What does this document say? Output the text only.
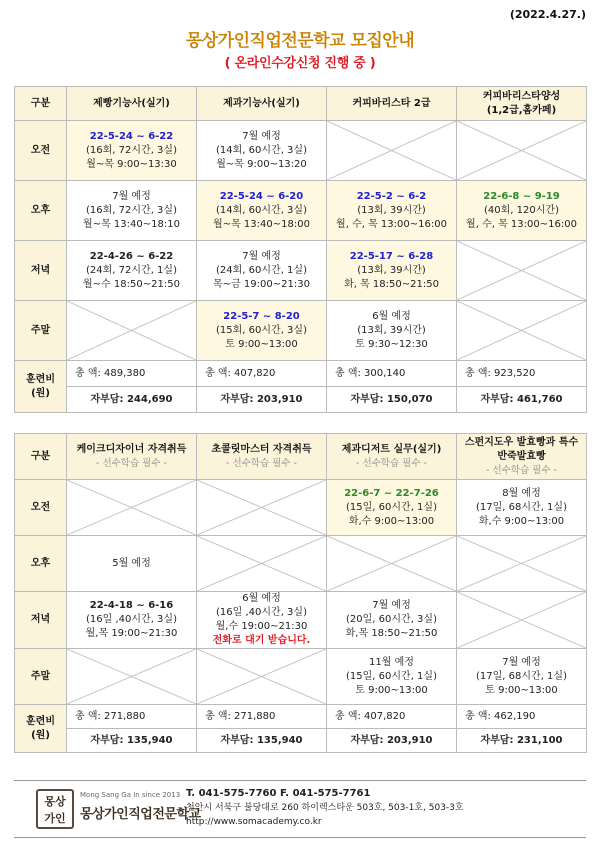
(2022.4.27.)
몽상가인직업전문학교 모집안내
( 온라인수강신청 진행 중 )
구분	제빵기능사(실기)	제과기능사(실기)	커피바리스타 2급	커피바리스타양성
(1,2급,홈카페)
오전	22-5-24 ~ 6-22
(16회, 72시간, 3실)
월~목 9:00~13:30	7월 예정
(14회, 60시간, 3실)
월~목 9:00~13:20	

오후	7월 예정
(16회, 72시간, 3실)
월~목 13:40~18:10	22-5-24 ~ 6-20
(14회, 60시간, 3실)
월~목 13:40~18:00	22-5-2 ~ 6-2
(13회, 39시간)
월, 수, 목 13:00~16:00	22-6-8 ~ 9-19
(40회, 120시간)
월, 수, 목 13:00~16:00
저녁	22-4-26 ~ 6-22
(24회, 72시간, 1실)
월~수 18:50~21:50	7월 예정
(24회, 60시간, 1실)
목~금 19:00~21:30	22-5-17 ~ 6-28
(13회, 39시간)
화, 목 18:50~21:50	

주말		22-5-7 ~ 8-20
(15회, 60시간, 3실)
토 9:00~13:00	6월 예정
(13회, 39시간)
토 9:30~12:30	

훈련비
(원)	총 액: 489,380	총 액: 407,820	총 액: 300,140	총 액: 923,520
	자부담: 244,690	자부담: 203,910	자부담: 150,070	자부담: 461,760
구분	케이크디자이너 자격취득
- 선수학습 필수 -	초콜릿마스터 자격취득
- 선수학습 필수 -	제과디저트 실무(실기)
- 선수학습 필수 -	스펀지도우 발효빵과 특수
반죽발효빵
- 선수학습 필수 -
오전			22-6-7 ~ 22-7-26
(15일, 60시간, 1실)
화,수 9:00~13:00	8월 예정
(17일, 68시간, 1실)
화,수 9:00~13:00
오후	5월 예정	

저녁	22-4-18 ~ 6-16
(16일 ,40시간, 3실)
월,목 19:00~21:30	6월 예정
(16일 ,40시간, 3실)
월,수 19:00~21:30
전화로 대기 받습니다.	7월 예정
(20일, 60시간, 3실)
화,목 18:50~21:50	

주말			11월 예정
(15일, 60시간, 1실)
토 9:00~13:00	7월 예정
(17일, 68시간, 1실)
토 9:00~13:00
훈련비
(원)	총 액: 271,880	총 액: 271,880	총 액: 407,820	총 액: 462,190
	자부담: 135,940	자부담: 135,940	자부담: 203,910	자부담: 231,100
몽상
가인
Mong Sang Ga In since 2013
몽상가인직업전문학교
T. 041-575-7760 F. 041-575-7761
천안시 서북구 불당대로 260 하이렉스타운 503호, 503-1호, 503-3호
http://www.somacademy.co.kr
